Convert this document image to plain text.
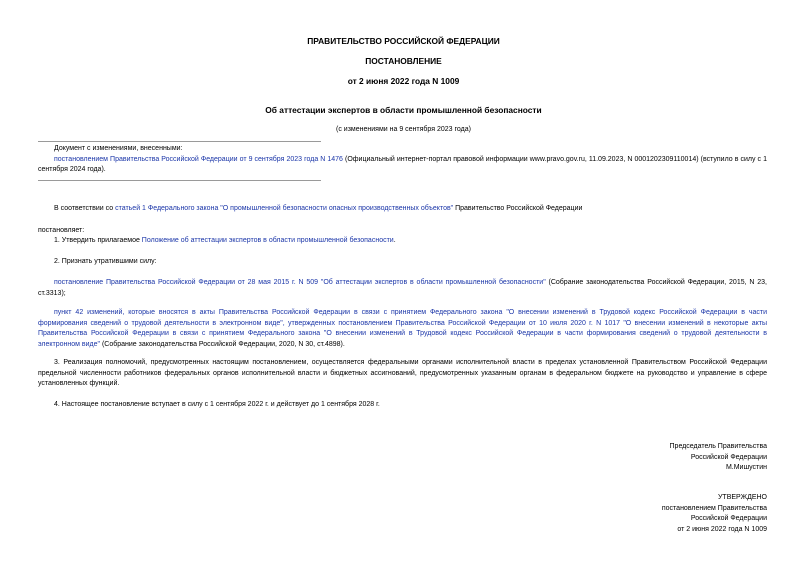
ПРАВИТЕЛЬСТВО РОССИЙСКОЙ ФЕДЕРАЦИИ
ПОСТАНОВЛЕНИЕ
от 2 июня 2022 года N 1009
Об аттестации экспертов в области промышленной безопасности
(с изменениями на 9 сентября 2023 года)

Документ с изменениями, внесенными:

постановлением Правительства Российской Федерации от 9 сентября 2023 года N 1476 (Официальный интернет-портал правовой информации www.pravo.gov.ru, 11.09.2023, N 0001202309110014) (вступило в силу с 1 сентября 2024 года).

В соответствии со статьей 1 Федерального закона "О промышленной безопасности опасных производственных объектов" Правительство Российской Федерации
постановляет:
1. Утвердить прилагаемое Положение об аттестации экспертов в области промышленной безопасности.
2. Признать утратившими силу:
постановление Правительства Российской Федерации от 28 мая 2015 г. N 509 "Об аттестации экспертов в области промышленной безопасности" (Собрание законодательства Российской Федерации, 2015, N 23, ст.3313);
пункт 42 изменений, которые вносятся в акты Правительства Российской Федерации в связи с принятием Федерального закона "О внесении изменений в Трудовой кодекс Российской Федерации в части формирования сведений о трудовой деятельности в электронном виде", утвержденных постановлением Правительства Российской Федерации от 10 июля 2020 г. N 1017 "О внесении изменений в некоторые акты Правительства Российской Федерации в связи с принятием Федерального закона "О внесении изменений в Трудовой кодекс Российской Федерации в части формирования сведений о трудовой деятельности в электронном виде" (Собрание законодательства Российской Федерации, 2020, N 30, ст.4898).
3. Реализация полномочий, предусмотренных настоящим постановлением, осуществляется федеральными органами исполнительной власти в пределах установленной Правительством Российской Федерации предельной численности работников федеральных органов исполнительной власти и бюджетных ассигнований, предусмотренных указанным органам в федеральном бюджете на руководство и управление в сфере установленных функций.
4. Настоящее постановление вступает в силу с 1 сентября 2022 г. и действует до 1 сентября 2028 г.

Председатель Правительства

Российской Федерации

М.Мишустин

УТВЕРЖДЕНО

постановлением Правительства

Российской Федерации

от 2 июня 2022 года N 1009
